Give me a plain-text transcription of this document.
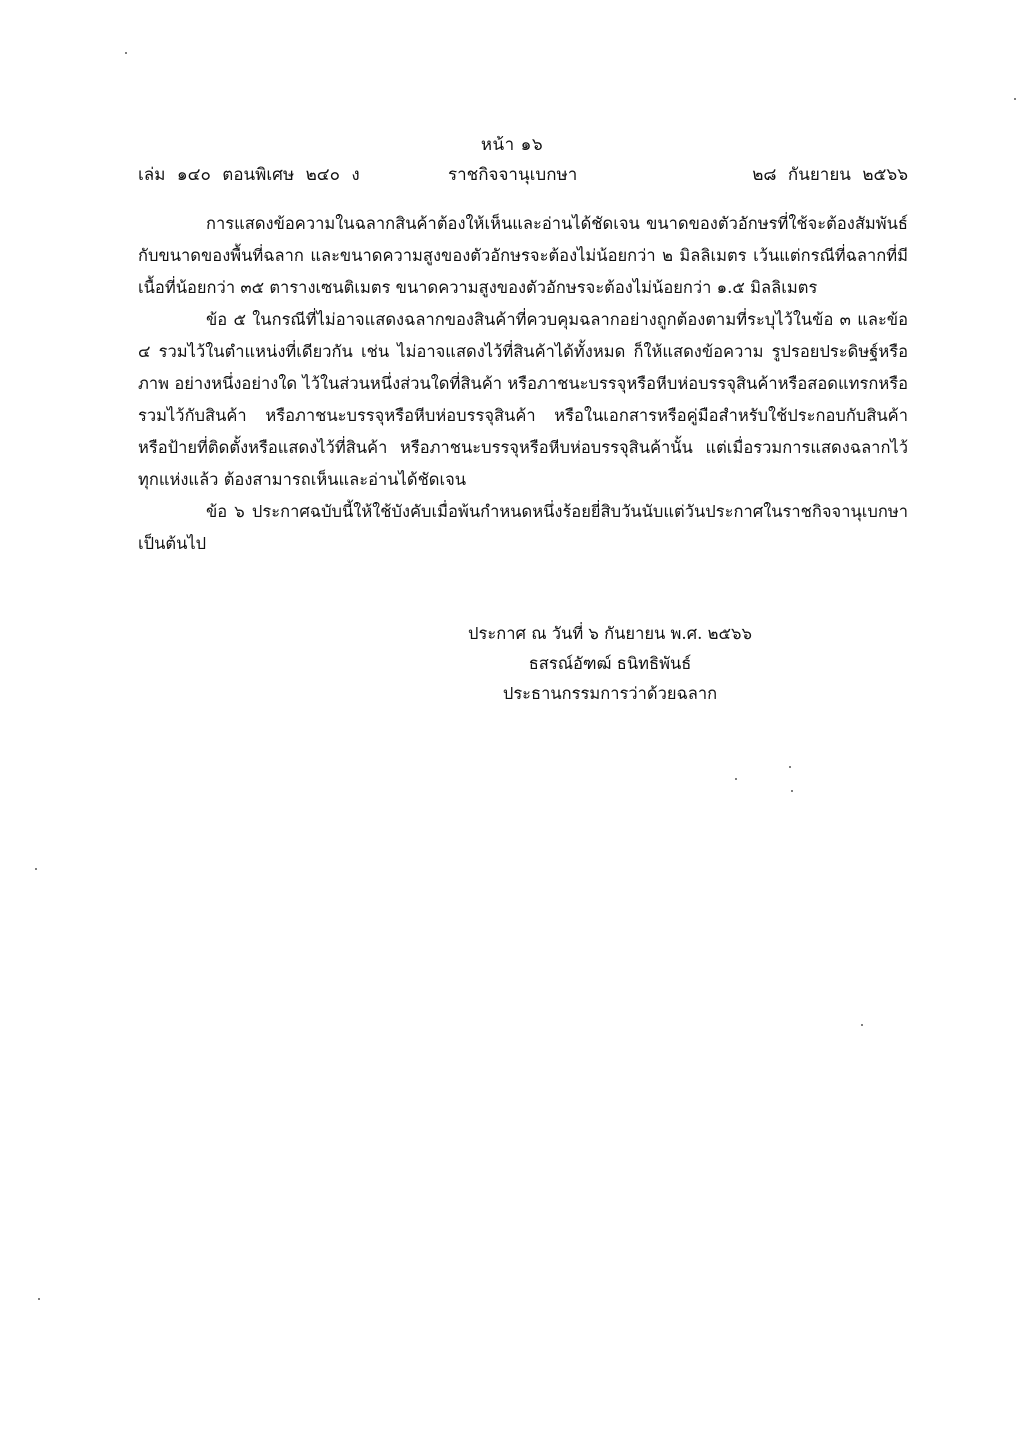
หน้า ๑๖
เล่ม ๑๔๐ ตอนพิเศษ ๒๔๐ ง	ราชกิจจานุเบกษา	๒๘ กันยายน ๒๕๖๖

การแสดงข้อความในฉลากสินค้าต้องให้เห็นและอ่านได้ชัดเจน ขนาดของตัวอักษรที่ใช้จะต้องสัมพันธ์กับขนาดของพื้นที่ฉลาก และขนาดความสูงของตัวอักษรจะต้องไม่น้อยกว่า ๒ มิลลิเมตร เว้นแต่กรณีที่ฉลากที่มีเนื้อที่น้อยกว่า ๓๕ ตารางเซนติเมตร ขนาดความสูงของตัวอักษรจะต้องไม่น้อยกว่า ๑.๕ มิลลิเมตร

ข้อ ๕ ในกรณีที่ไม่อาจแสดงฉลากของสินค้าที่ควบคุมฉลากอย่างถูกต้องตามที่ระบุไว้ในข้อ ๓ และข้อ ๔ รวมไว้ในตำแหน่งที่เดียวกัน เช่น ไม่อาจแสดงไว้ที่สินค้าได้ทั้งหมด ก็ให้แสดงข้อความ รูปรอยประดิษฐ์หรือภาพ อย่างหนึ่งอย่างใด ไว้ในส่วนหนึ่งส่วนใดที่สินค้า หรือภาชนะบรรจุหรือหีบห่อบรรจุสินค้าหรือสอดแทรกหรือรวมไว้กับสินค้า หรือภาชนะบรรจุหรือหีบห่อบรรจุสินค้า หรือในเอกสารหรือคู่มือสำหรับใช้ประกอบกับสินค้า หรือป้ายที่ติดตั้งหรือแสดงไว้ที่สินค้า หรือภาชนะบรรจุหรือหีบห่อบรรจุสินค้านั้น แต่เมื่อรวมการแสดงฉลากไว้ทุกแห่งแล้ว ต้องสามารถเห็นและอ่านได้ชัดเจน

ข้อ ๖ ประกาศฉบับนี้ให้ใช้บังคับเมื่อพ้นกำหนดหนึ่งร้อยยี่สิบวันนับแต่วันประกาศในราชกิจจานุเบกษาเป็นต้นไป

ประกาศ ณ วันที่ ๖ กันยายน พ.ศ. ๒๕๖๖
ธสรณ์อัฑฒ์ ธนิทธิพันธ์
ประธานกรรมการว่าด้วยฉลาก
